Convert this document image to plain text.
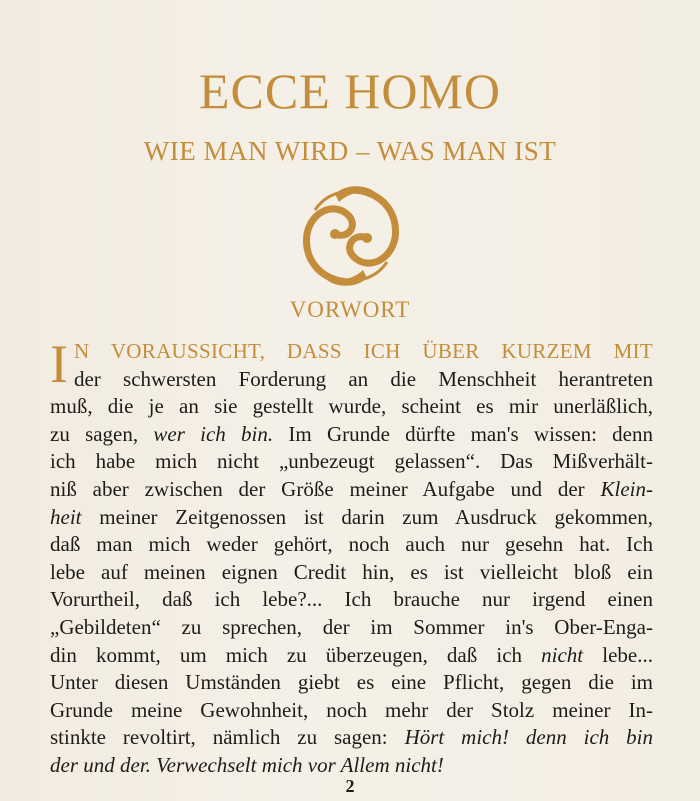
ECCE HOMO
WIE MAN WIRD – WAS MAN IST
VORWORT
I N VORAUSSICHT, DASS ICH ÜBER KURZEM MIT
der schwersten Forderung an die Menschheit herantreten
muß, die je an sie gestellt wurde, scheint es mir unerläßlich,
zu sagen, wer ich bin. Im Grunde dürfte man's wissen: denn
ich habe mich nicht „unbezeugt gelassen“. Das Mißverhält-
niß aber zwischen der Größe meiner Aufgabe und der Klein-
heit meiner Zeitgenossen ist darin zum Ausdruck gekommen,
daß man mich weder gehört, noch auch nur gesehn hat. Ich
lebe auf meinen eignen Credit hin, es ist vielleicht bloß ein
Vorurtheil, daß ich lebe?... Ich brauche nur irgend einen
„Gebildeten“ zu sprechen, der im Sommer in's Ober-Enga-
din kommt, um mich zu überzeugen, daß ich nicht lebe...
Unter diesen Umständen giebt es eine Pflicht, gegen die im
Grunde meine Gewohnheit, noch mehr der Stolz meiner In-
stinkte revoltirt, nämlich zu sagen: Hört mich! denn ich bin
der und der. Verwechselt mich vor Allem nicht!
2
